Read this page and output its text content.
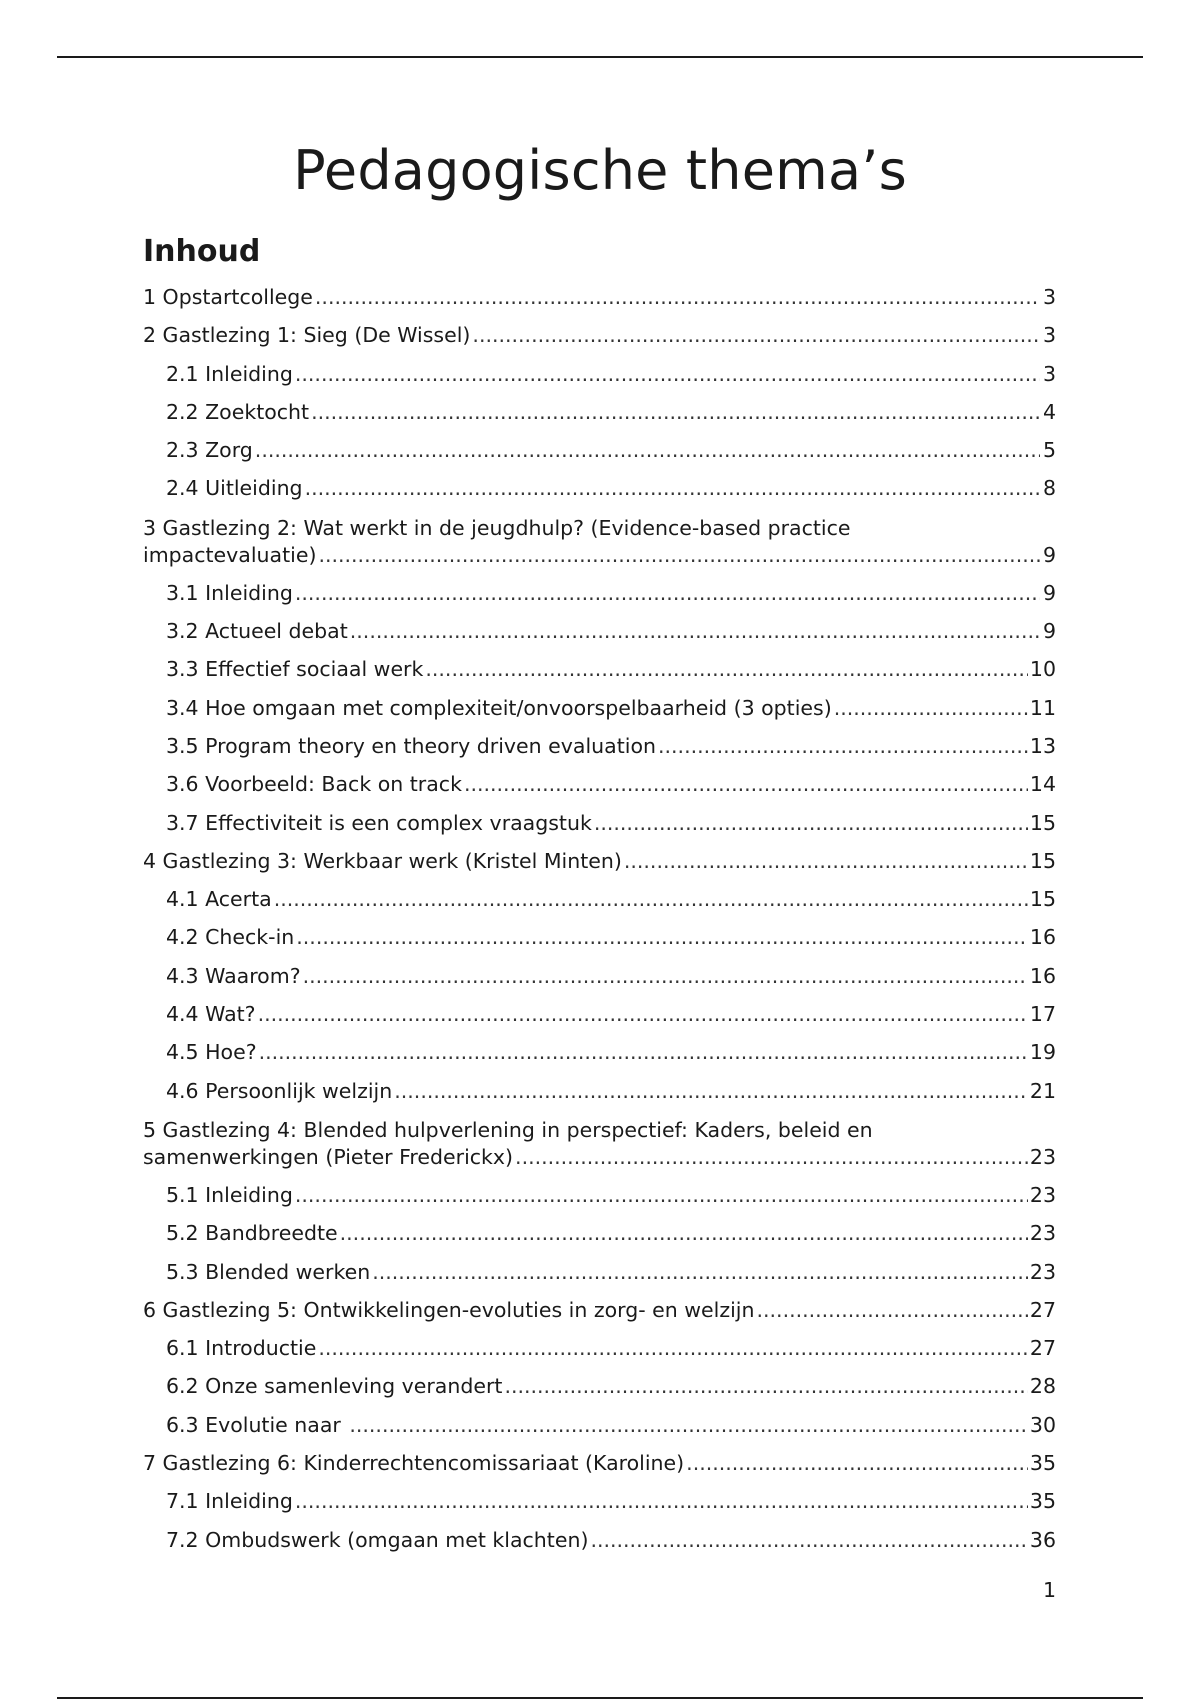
Pedagogische thema’s
Inhoud
1 Opstartcollege .....	3
2 Gastlezing 1: Sieg (De Wissel) .....	3
2.1 Inleiding .....	3
2.2 Zoektocht .....	4
2.3 Zorg .....	5
2.4 Uitleiding .....	8
3 Gastlezing 2: Wat werkt in de jeugdhulp? (Evidence-based practice
impactevaluatie) .....	9
3.1 Inleiding .....	9
3.2 Actueel debat .....	9
3.3 Effectief sociaal werk .....	10
3.4 Hoe omgaan met complexiteit/onvoorspelbaarheid (3 opties) .....	11
3.5 Program theory en theory driven evaluation .....	13
3.6 Voorbeeld: Back on track .....	14
3.7 Effectiviteit is een complex vraagstuk .....	15
4 Gastlezing 3: Werkbaar werk (Kristel Minten) .....	15
4.1 Acerta .....	15
4.2 Check-in .....	16
4.3 Waarom? .....	16
4.4 Wat? .....	17
4.5 Hoe? .....	19
4.6 Persoonlijk welzijn .....	21
5 Gastlezing 4: Blended hulpverlening in perspectief: Kaders, beleid en
samenwerkingen (Pieter Frederickx) .....	23
5.1 Inleiding .....	23
5.2 Bandbreedte .....	23
5.3 Blended werken .....	23
6 Gastlezing 5: Ontwikkelingen-evoluties in zorg- en welzijn .....	27
6.1 Introductie .....	27
6.2 Onze samenleving verandert .....	28
6.3 Evolutie naar .....	30
7 Gastlezing 6: Kinderrechtencomissariaat (Karoline) .....	35
7.1 Inleiding .....	35
7.2 Ombudswerk (omgaan met klachten) .....	36
1
